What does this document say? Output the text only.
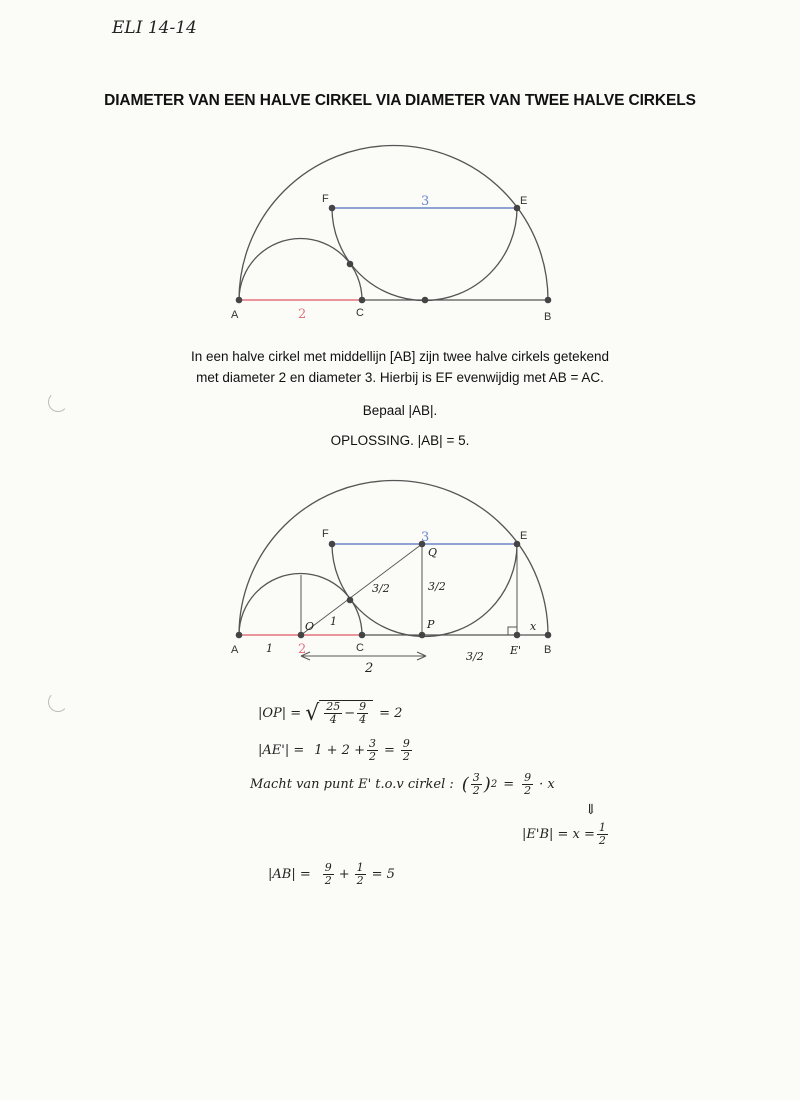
ELI 14-14
DIAMETER VAN EEN HALVE CIRKEL VIA DIAMETER VAN TWEE HALVE CIRKELS
A	C	B
F	E
2
3
In een halve cirkel met middellijn [AB] zijn twee halve cirkels getekend
met diameter 2 en diameter 3. Hierbij is EF evenwijdig met AB = AC.
Bepaal |AB|.
OPLOSSING. |AB| = 5.
A	C	B
F	E
O	P
Q
E'
3
2
1
1
3/2	3/2
3/2
x
2
|OP| = √ $\frac{25}{4} - \frac{9}{4} = 2$
$|AE'| = 1 + 2 + \frac{3}{2} = \frac{9}{2}$
Macht van punt E' t.o.v cirkel : ( $\frac{3}{2}$ ) $2 = \frac{9}{2} \cdot x$
⇓
$|E'B| = x = \frac{1}{2}$
$|AB| = \frac{9}{2} + \frac{1}{2} = 5$
